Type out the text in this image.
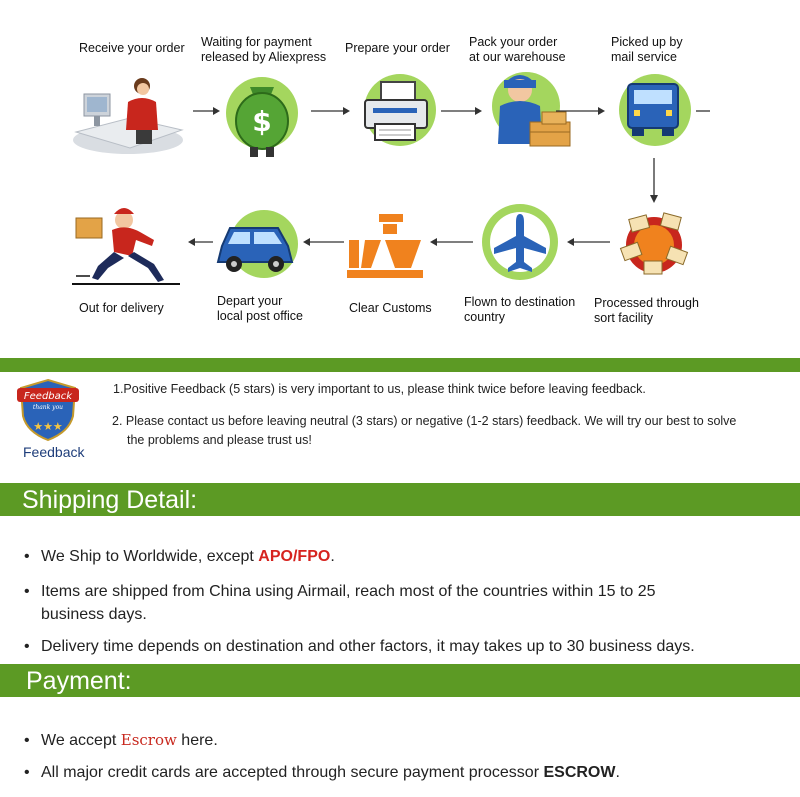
Receive your order Waiting for payment
released by Aliexpress
Prepare your order Pack your order
at our warehouse
Picked up by
mail service
$
Out for delivery	Depart your
local post office
Clear Customs	Flown to destination
country
Processed through
sort facility
Feedback
thank you
★★★
Feedback
1.Positive Feedback (5 stars) is very important to us, please think twice before leaving feedback.
2. Please contact us before leaving neutral (3 stars) or negative (1-2 stars) feedback. We will try our best to solve
the problems and please trust us!
Shipping Detail:
• We Ship to Worldwide, except APO/FPO.
• Items are shipped from China using Airmail, reach most of the countries within 15 to 25 business days.
• Delivery time depends on destination and other factors, it may takes up to 30 business days.
Payment:
• We accept Escrow here.
• All major credit cards are accepted through secure payment processor ESCROW.
